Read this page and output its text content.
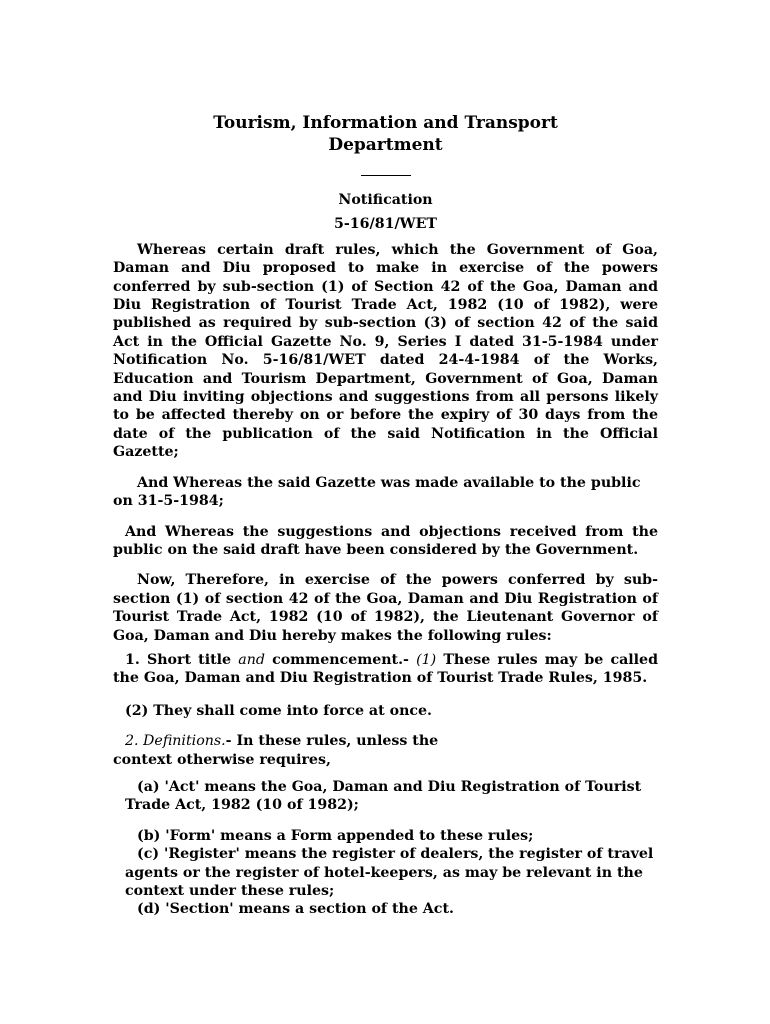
Tourism, Information and Transport

Department

Notification

5-16/81/WET

Whereas certain draft rules, which the Government of Goa, Daman and Diu proposed to make in exercise of the powers conferred by sub-section (1) of Section 42 of the Goa, Daman and Diu Registration of Tourist Trade Act, 1982 (10 of 1982), were published as required by sub-section (3) of section 42 of the said Act in the Official Gazette No. 9, Series I dated 31-5-1984 under Notification No. 5-16/81/WET dated 24-4-1984 of the Works, Education and Tourism Department, Government of Goa, Daman and Diu inviting objections and suggestions from all persons likely to be affected thereby on or before the expiry of 30 days from the date of the publication of the said Notification in the Official Gazette;

And Whereas the said Gazette was made available to the public on 31-5-1984;

And Whereas the suggestions and objections received from the public on the said draft have been considered by the Government.

Now, Therefore, in exercise of the powers conferred by sub-section (1) of section 42 of the Goa, Daman and Diu Registration of Tourist Trade Act, 1982 (10 of 1982), the Lieutenant Governor of Goa, Daman and Diu hereby makes the following rules:

1. Short title and commencement.- (1) These rules may be called the Goa, Daman and Diu Registration of Tourist Trade Rules, 1985.

(2) They shall come into force at once.

2. Definitions.- In these rules, unless the

context otherwise requires,

(a) 'Act' means the Goa, Daman and Diu Registration of Tourist Trade Act, 1982 (10 of 1982);

(b) 'Form' means a Form appended to these rules;

(c) 'Register' means the register of dealers, the register of travel agents or the register of hotel-keepers, as may be relevant in the context under these rules;

(d) 'Section' means a section of the Act.
